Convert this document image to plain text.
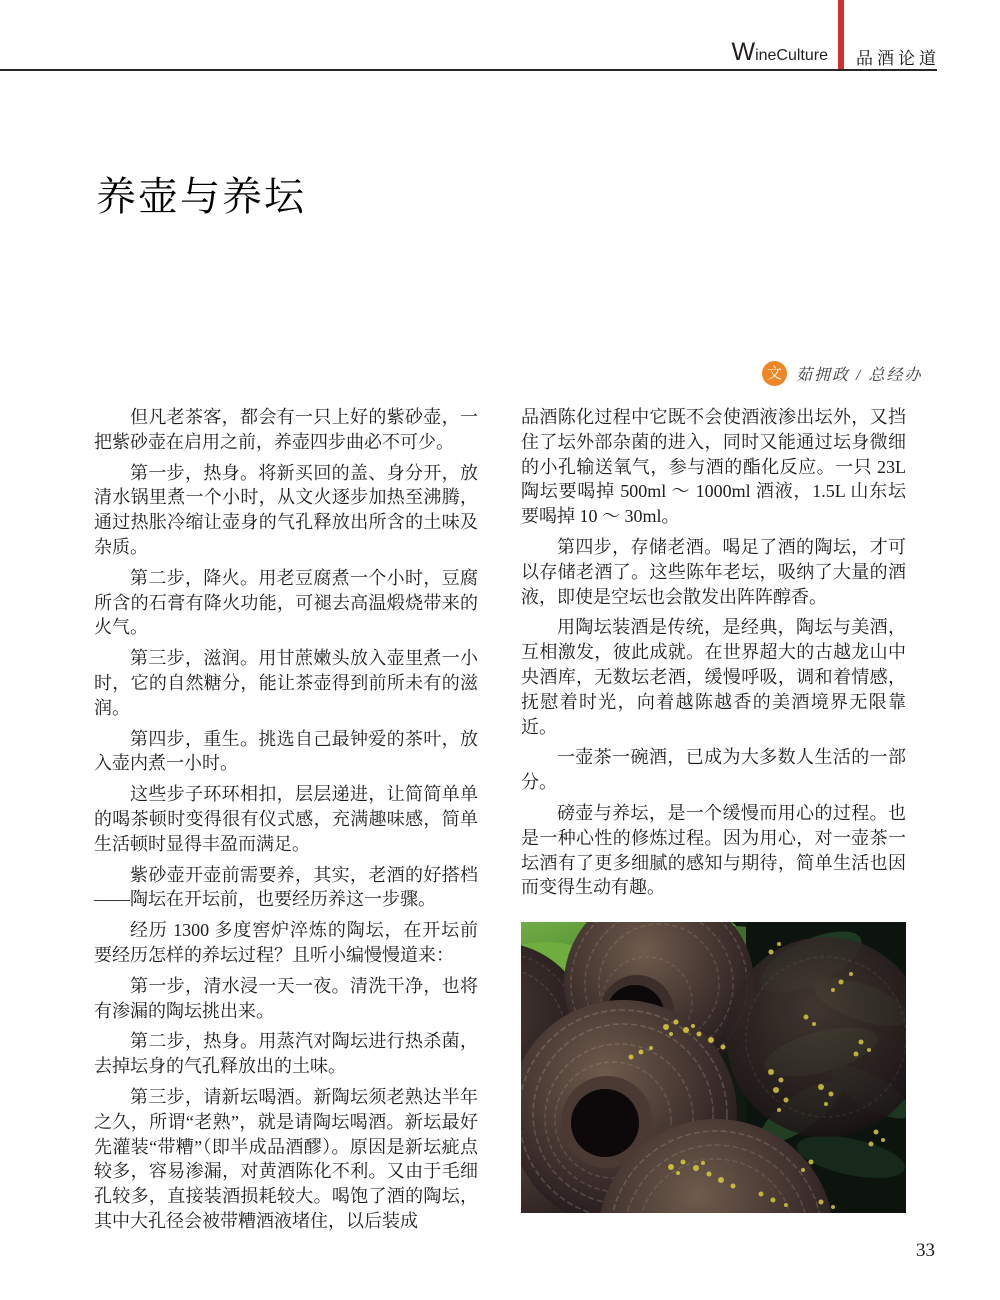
WineCulture 品酒论道
养壶与养坛
文 茹拥政 / 总经办

但凡老茶客，都会有一只上好的紫砂壶，一把紫砂壶在启用之前，养壶四步曲必不可少。

第一步，热身。将新买回的盖、身分开，放清水锅里煮一个小时，从文火逐步加热至沸腾，通过热胀冷缩让壶身的气孔释放出所含的土味及杂质。

第二步，降火。用老豆腐煮一个小时，豆腐所含的石膏有降火功能，可褪去高温煅烧带来的火气。

第三步，滋润。用甘蔗嫩头放入壶里煮一小时，它的自然糖分，能让茶壶得到前所未有的滋润。

第四步，重生。挑选自己最钟爱的茶叶，放入壶内煮一小时。

这些步子环环相扣，层层递进，让简简单单的喝茶顿时变得很有仪式感，充满趣味感，简单生活顿时显得丰盈而满足。

紫砂壶开壶前需要养，其实，老酒的好搭档——陶坛在开坛前，也要经历养这一步骤。

经历 1300 多度窖炉淬炼的陶坛，在开坛前要经历怎样的养坛过程？且听小编慢慢道来：

第一步，清水浸一天一夜。清洗干净，也将有渗漏的陶坛挑出来。

第二步，热身。用蒸汽对陶坛进行热杀菌，去掉坛身的气孔释放出的土味。

第三步，请新坛喝酒。新陶坛须老熟达半年之久，所谓“老熟”，就是请陶坛喝酒。新坛最好先灌装“带糟”（即半成品酒醪）。原因是新坛疵点较多，容易渗漏，对黄酒陈化不利。又由于毛细孔较多，直接装酒损耗较大。喝饱了酒的陶坛，其中大孔径会被带糟酒液堵住，以后装成

品酒陈化过程中它既不会使酒液渗出坛外，又挡住了坛外部杂菌的进入，同时又能通过坛身微细的小孔输送氧气，参与酒的酯化反应。一只 23L 陶坛要喝掉 500ml ～ 1000ml 酒液，1.5L 山东坛要喝掉 10 ～ 30ml。

第四步，存储老酒。喝足了酒的陶坛，才可以存储老酒了。这些陈年老坛，吸纳了大量的酒液，即使是空坛也会散发出阵阵醇香。

用陶坛装酒是传统，是经典，陶坛与美酒，互相激发，彼此成就。在世界超大的古越龙山中央酒库，无数坛老酒，缓慢呼吸，调和着情感，抚慰着时光，向着越陈越香的美酒境界无限靠近。

一壶茶一碗酒，已成为大多数人生活的一部分。

磅壶与养坛，是一个缓慢而用心的过程。也是一种心性的修炼过程。因为用心，对一壶茶一坛酒有了更多细腻的感知与期待，简单生活也因而变得生动有趣。

33
